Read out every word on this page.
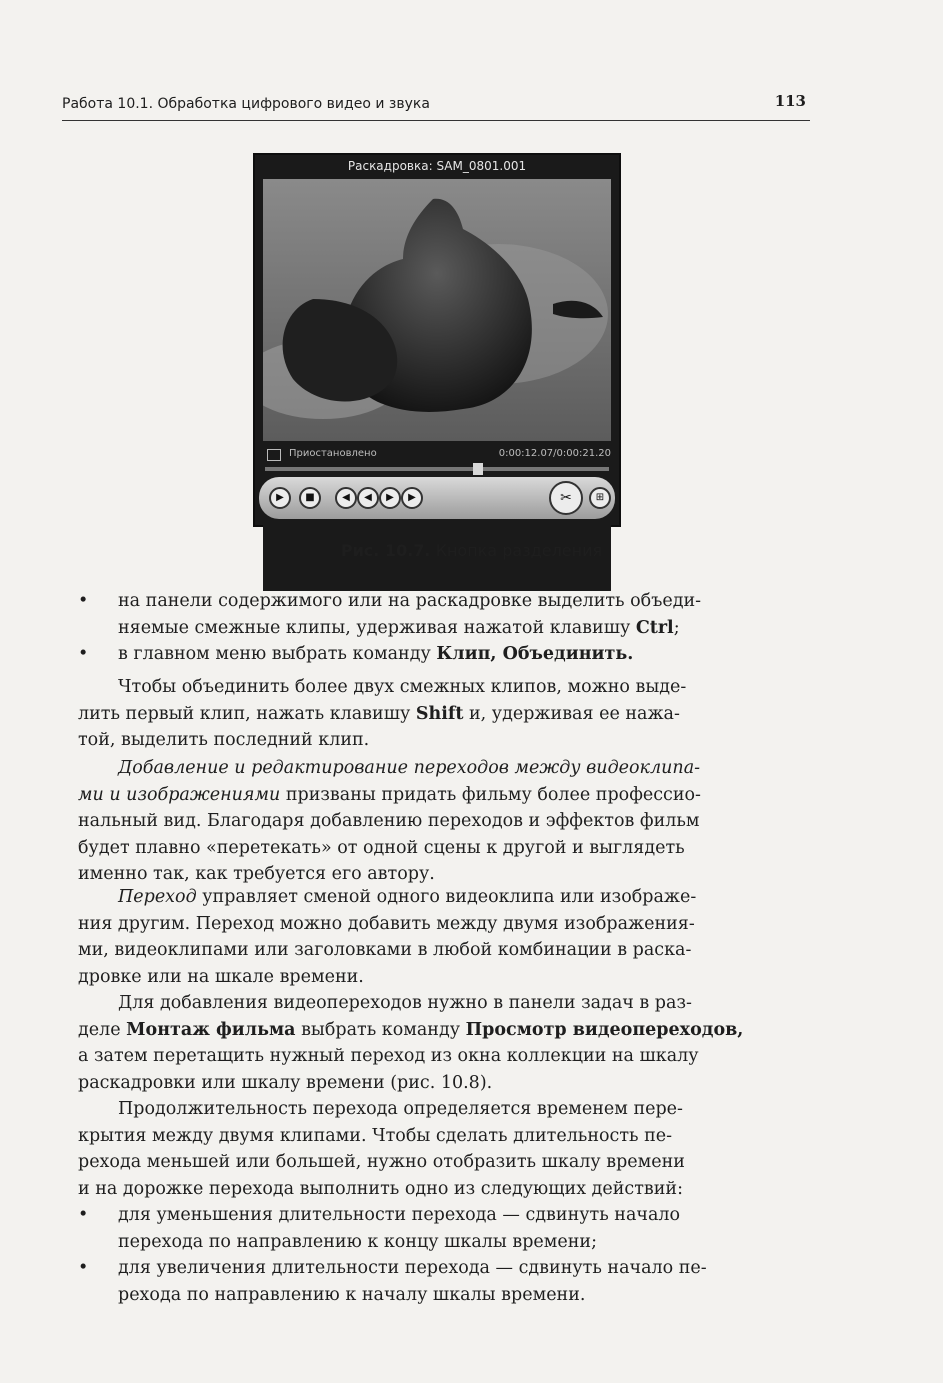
Работа 10.1. Обработка цифрового видео и звука	113
Раскадровка: SAM_0801.001
Приостановлено	0:00:12.07/0:00:21.20
▶	■	◀	◀	▶	▶	✂	⊞
Рис. 10.7. Кнопка разделения
•	на панели содержимого или на раскадровке выделить объеди-
няемые смежные клипы, удерживая нажатой клавишу Ctrl;
•	в главном меню выбрать команду Клип, Объединить.
Чтобы объединить более двух смежных клипов, можно выде-
лить первый клип, нажать клавишу Shift и, удерживая ее нажа-
той, выделить последний клип.
Добавление и редактирование переходов между видеоклипа-
ми и изображениями призваны придать фильму более профессио-
нальный вид. Благодаря добавлению переходов и эффектов фильм
будет плавно «перетекать» от одной сцены к другой и выглядеть
именно так, как требуется его автору.
Переход управляет сменой одного видеоклипа или изображе-
ния другим. Переход можно добавить между двумя изображения-
ми, видеоклипами или заголовками в любой комбинации в раска-
дровке или на шкале времени.
Для добавления видеопереходов нужно в панели задач в раз-
деле Монтаж фильма выбрать команду Просмотр видеопереходов,
а затем перетащить нужный переход из окна коллекции на шкалу
раскадровки или шкалу времени (рис. 10.8).
Продолжительность перехода определяется временем пере-
крытия между двумя клипами. Чтобы сделать длительность пе-
рехода меньшей или большей, нужно отобразить шкалу времени
и на дорожке перехода выполнить одно из следующих действий:
•	для уменьшения длительности перехода — сдвинуть начало
перехода по направлению к концу шкалы времени;
•	для увеличения длительности перехода — сдвинуть начало пе-
рехода по направлению к началу шкалы времени.
